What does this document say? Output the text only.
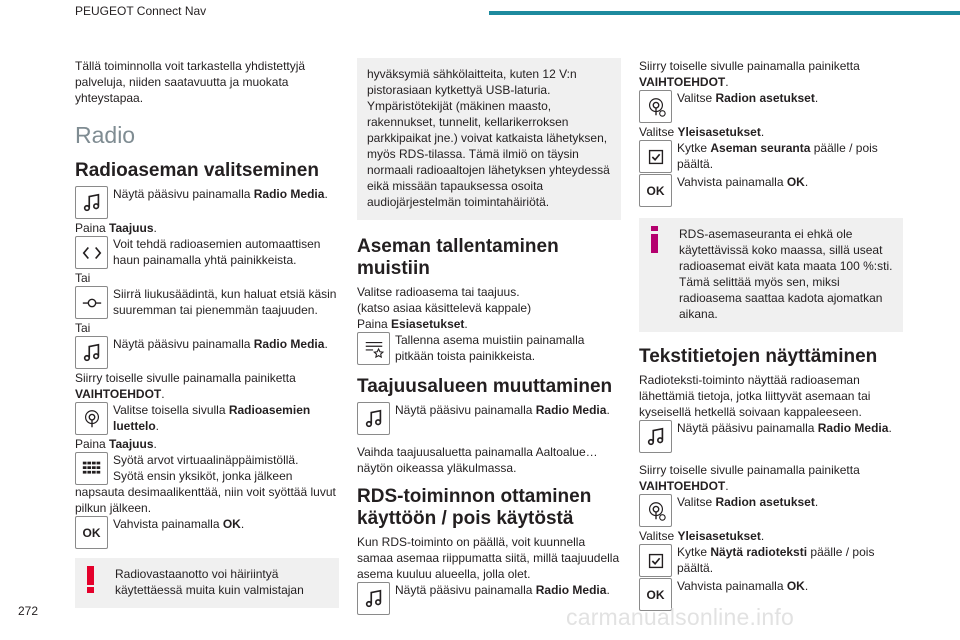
PEUGEOT Connect Nav

Tällä toiminnolla voit tarkastella yhdistettyjä palveluja, niiden saatavuutta ja muokata yhteystapaa.

Radio
Radioaseman valitseminen
Näytä pääsivu painamalla Radio Media.

Paina Taajuus.

Voit tehdä radioasemien automaattisen haun painamalla yhtä painikkeista.

Tai

Siirrä liukusäädintä, kun haluat etsiä käsin suuremman tai pienemmän taajuuden.

Tai

Näytä pääsivu painamalla Radio Media.

Siirry toiselle sivulle painamalla painiketta VAIHTOEHDOT.

Valitse toisella sivulla Radioasemien luettelo.

Paina Taajuus.

Syötä arvot virtuaalinäppäimistöllä.

Syötä ensin yksiköt, jonka jälkeen

napsauta desimaalikenttää, niin voit syöttää luvut pilkun jälkeen.

OK
Vahvista painamalla OK.
Radiovastaanotto voi häiriintyä käytettäessä muita kuin valmistajan
hyväksymiä sähkölaitteita, kuten 12 V:n pistorasiaan kytkettyä USB-laturia. Ympäristötekijät (mäkinen maasto, rakennukset, tunnelit, kellarikerroksen parkkipaikat jne.) voivat katkaista lähetyksen, myös RDS-tilassa. Tämä ilmiö on täysin normaali radioaaltojen lähetyksen yhteydessä eikä missään tapauksessa osoita audiojärjestelmän toimintahäiriötä.
Aseman tallentaminen muistiin

Valitse radioasema tai taajuus.

(katso asiaa käsittelevä kappale)

Paina Esiasetukset.

Tallenna asema muistiin painamalla pitkään toista painikkeista.
Taajuusalueen muuttaminen
Näytä pääsivu painamalla Radio Media.

Vaihda taajuusaluetta painamalla Aaltoalue… näytön oikeassa yläkulmassa.

RDS-toiminnon ottaminen käyttöön / pois käytöstä

Kun RDS-toiminto on päällä, voit kuunnella samaa asemaa riippumatta siitä, millä taajuudella asema kuuluu alueella, jolla olet.

Näytä pääsivu painamalla Radio Media.

Siirry toiselle sivulle painamalla painiketta VAIHTOEHDOT.

Valitse Radion asetukset.

Valitse Yleisasetukset.

Kytke Aseman seuranta päälle / pois päältä.
OK
Vahvista painamalla OK.
RDS-asemaseuranta ei ehkä ole käytettävissä koko maassa, sillä useat radioasemat eivät kata maata 100 %:sti. Tämä selittää myös sen, miksi radioasema saattaa kadota ajomatkan aikana.
Tekstitietojen näyttäminen

Radioteksti-toiminto näyttää radioaseman lähettämiä tietoja, jotka liittyvät asemaan tai kyseisellä hetkellä soivaan kappaleeseen.

Näytä pääsivu painamalla Radio Media.

Siirry toiselle sivulle painamalla painiketta VAIHTOEHDOT.

Valitse Radion asetukset.

Valitse Yleisasetukset.

Kytke Näytä radioteksti päälle / pois päältä.
OK
Vahvista painamalla OK.
272	carmanualsonline.info
